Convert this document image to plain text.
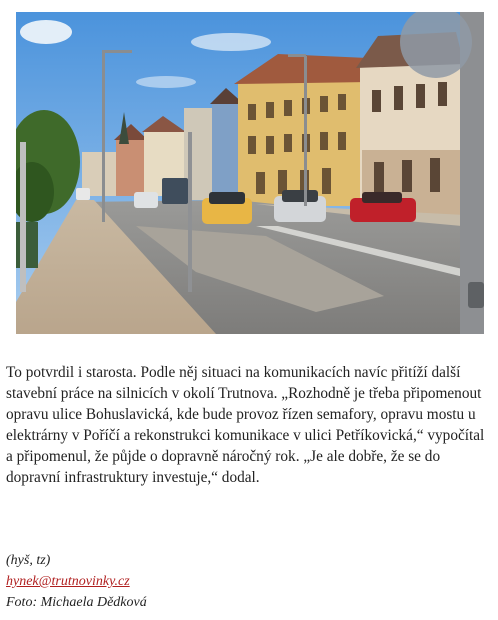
To potvrdil i starosta. Podle něj situaci na komunikacích navíc přitíží další stavební práce na silnicích v okolí Trutnova. „Rozhodně je třeba připomenout opravu ulice Bohuslavická, kde bude provoz řízen semafory, opravu mostu u elektrárny v Poříčí a rekonstrukci komunikace v ulici Petříkovická,“ vypočítal a připomenul, že půjde o dopravně náročný rok. „Je ale dobře, že se do dopravní infrastruktury investuje,“ dodal.

(hyš, tz)
hynek@trutnovinky.cz
Foto: Michaela Dědková
